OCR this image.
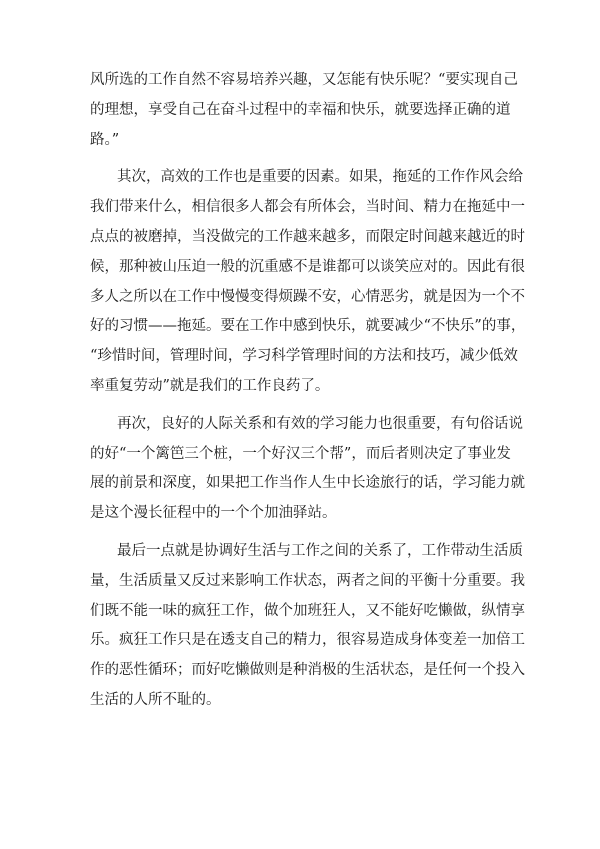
风所选的工作自然不容易培养兴趣，又怎能有快乐呢？“要实现自己
的理想，享受自己在奋斗过程中的幸福和快乐，就要选择正确的道
路。”
其次，高效的工作也是重要的因素。如果，拖延的工作作风会给
我们带来什么，相信很多人都会有所体会，当时间、精力在拖延中一
点点的被磨掉，当没做完的工作越来越多，而限定时间越来越近的时
候，那种被山压迫一般的沉重感不是谁都可以谈笑应对的。因此有很
多人之所以在工作中慢慢变得烦躁不安，心情恶劣，就是因为一个不
好的习惯——拖延。要在工作中感到快乐，就要减少“不快乐”的事，
“珍惜时间，管理时间，学习科学管理时间的方法和技巧，减少低效
率重复劳动”就是我们的工作良药了。
再次，良好的人际关系和有效的学习能力也很重要，有句俗话说
的好“一个篱笆三个桩，一个好汉三个帮”，而后者则决定了事业发
展的前景和深度，如果把工作当作人生中长途旅行的话，学习能力就
是这个漫长征程中的一个个加油驿站。
最后一点就是协调好生活与工作之间的关系了，工作带动生活质
量，生活质量又反过来影响工作状态，两者之间的平衡十分重要。我
们既不能一味的疯狂工作，做个加班狂人，又不能好吃懒做，纵情享
乐。疯狂工作只是在透支自己的精力，很容易造成身体变差一加倍工
作的恶性循环；而好吃懒做则是种消极的生活状态，是任何一个投入
生活的人所不耻的。
